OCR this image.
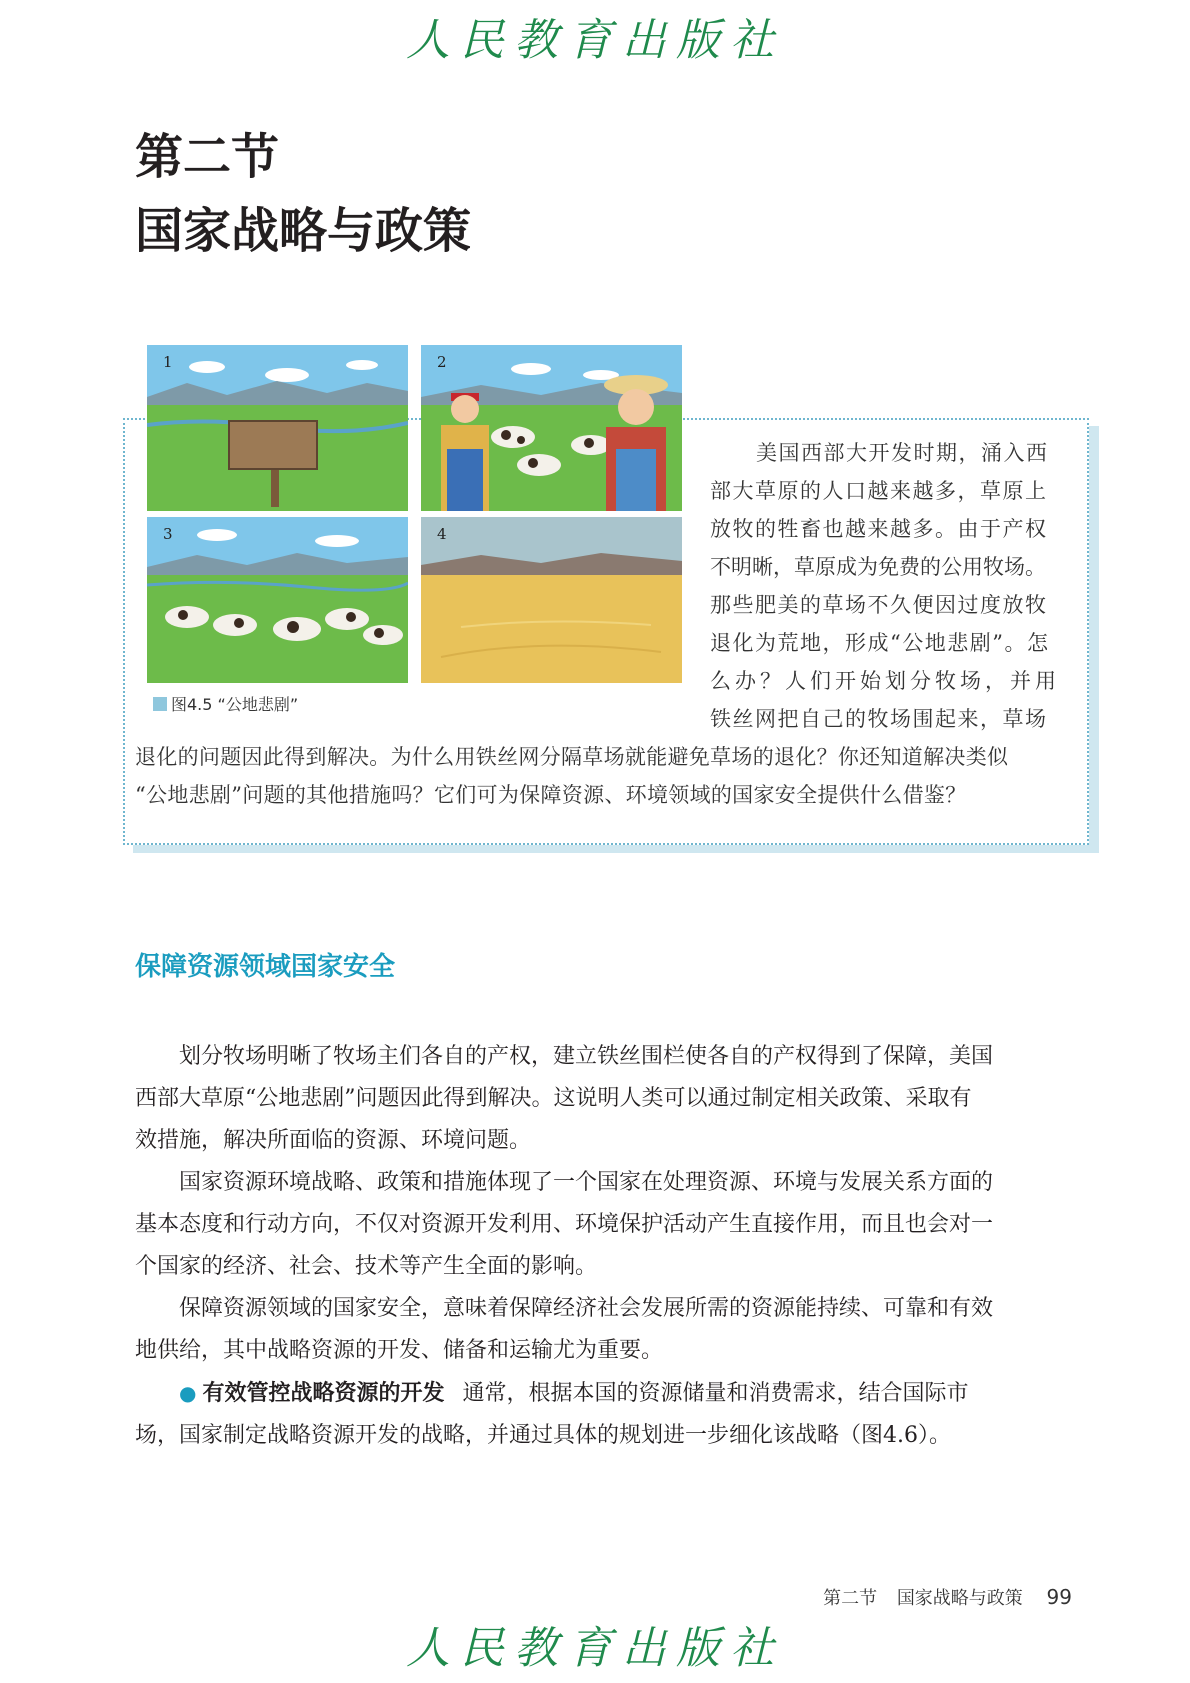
人民教育出版社
第二节
国家战略与政策
1	2
3	4
图4.5 “公地悲剧”
美国西部大开发时期，涌入西
部大草原的人口越来越多，草原上
放牧的牲畜也越来越多。由于产权
不明晰，草原成为免费的公用牧场。
那些肥美的草场不久便因过度放牧
退化为荒地，形成“公地悲剧”。怎
么办？人们开始划分牧场，并用
铁丝网把自己的牧场围起来，草场
退化的问题因此得到解决。为什么用铁丝网分隔草场就能避免草场的退化？你还知道解决类似
“公地悲剧”问题的其他措施吗？它们可为保障资源、环境领域的国家安全提供什么借鉴？
保障资源领域国家安全
　　划分牧场明晰了牧场主们各自的产权，建立铁丝围栏使各自的产权得到了保障，美国
西部大草原“公地悲剧”问题因此得到解决。这说明人类可以通过制定相关政策、采取有
效措施，解决所面临的资源、环境问题。
　　国家资源环境战略、政策和措施体现了一个国家在处理资源、环境与发展关系方面的
基本态度和行动方向，不仅对资源开发利用、环境保护活动产生直接作用，而且也会对一
个国家的经济、社会、技术等产生全面的影响。
　　保障资源领域的国家安全，意味着保障经济社会发展所需的资源能持续、可靠和有效
地供给，其中战略资源的开发、储备和运输尤为重要。
● 有效管控战略资源的开发 通常，根据本国的资源储量和消费需求，结合国际市
场，国家制定战略资源开发的战略，并通过具体的规划进一步细化该战略（图4.6）。
第二节 国家战略与政策 99
人民教育出版社
